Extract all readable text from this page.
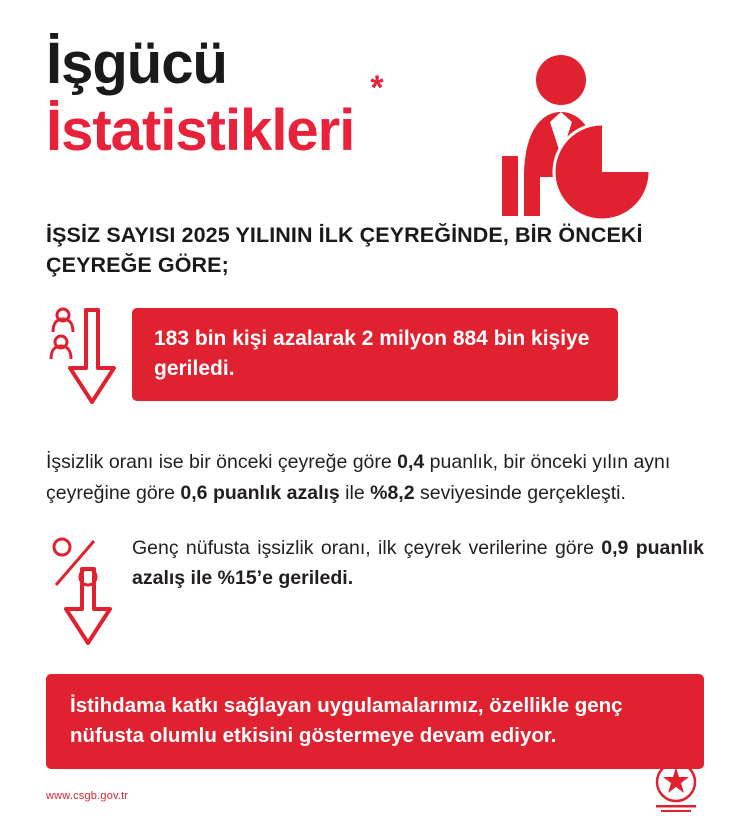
İşgücü
İstatistikleri*
İŞSİZ SAYISI 2025 YILININ İLK ÇEYREĞİNDE, BİR ÖNCEKİ ÇEYREĞE GÖRE;
183 bin kişi azalarak 2 milyon 884 bin kişiye geriledi.

İşsizlik oranı ise bir önceki çeyreğe göre 0,4 puanlık, bir önceki yılın aynı çeyreğine göre 0,6 puanlık azalış ile %8,2 seviyesinde gerçekleşti.

Genç nüfusta işsizlik oranı, ilk çeyrek verilerine göre 0,9 puanlık azalış ile %15’e geriledi.
İstihdama katkı sağlayan uygulamalarımız, özellikle genç nüfusta olumlu etkisini göstermeye devam ediyor.
www.csgb.gov.tr
